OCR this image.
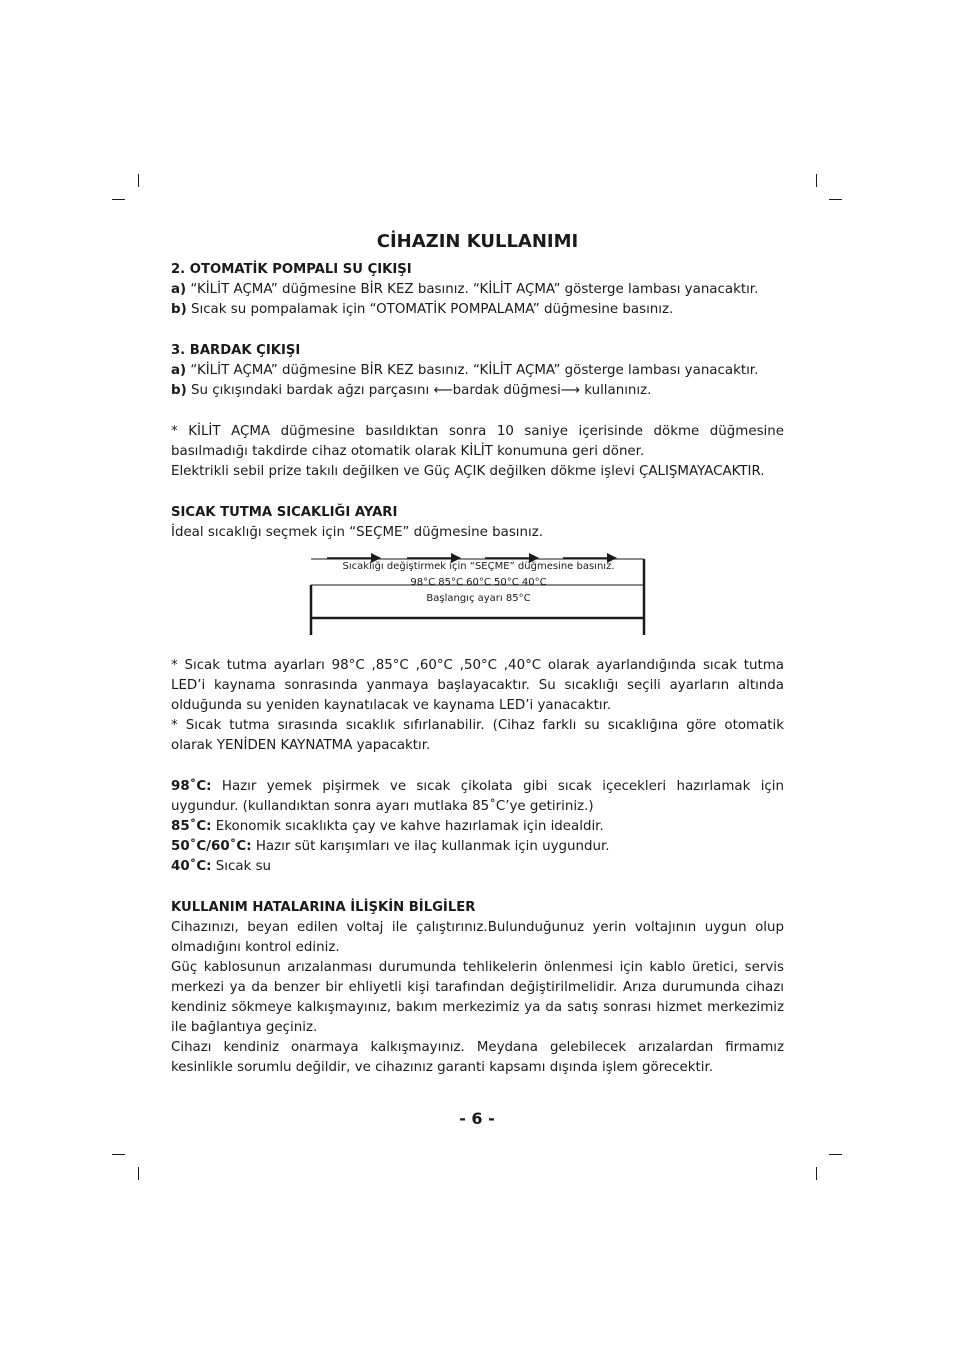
CİHAZIN KULLANIMI

2. OTOMATİK POMPALI SU ÇIKIŞI

a) “KİLİT AÇMA” düğmesine BİR KEZ basınız. “KİLİT AÇMA” gösterge lambası yanacaktır.

b) Sıcak su pompalamak için “OTOMATİK POMPALAMA” düğmesine basınız.

3. BARDAK ÇIKIŞI

a) “KİLİT AÇMA” düğmesine BİR KEZ basınız. “KİLİT AÇMA” gösterge lambası yanacaktır.

b) Su çıkışındaki bardak ağzı parçasını ⟵bardak düğmesi⟶ kullanınız.

* KİLİT AÇMA düğmesine basıldıktan sonra 10 saniye içerisinde dökme düğmesine basılmadığı takdirde cihaz otomatik olarak KİLİT konumuna geri döner.

Elektrikli sebil prize takılı değilken ve Güç AÇIK değilken dökme işlevi ÇALIŞMAYACAKTIR.

SICAK TUTMA SICAKLIĞI AYARI

İdeal sıcaklığı seçmek için “SEÇME” düğmesine basınız.

Sıcaklığı değiştirmek için “SEÇME” düğmesine basınız.
98°C 85°C 60°C 50°C 40°C
Başlangıç ayarı 85°C

* Sıcak tutma ayarları 98°C ,85°C ,60°C ,50°C ,40°C olarak ayarlandığında sıcak tutma LED’i kaynama sonrasında yanmaya başlayacaktır. Su sıcaklığı seçili ayarların altında olduğunda su yeniden kaynatılacak ve kaynama LED’i yanacaktır.

* Sıcak tutma sırasında sıcaklık sıfırlanabilir. (Cihaz farklı su sıcaklığına göre otomatik olarak YENİDEN KAYNATMA yapacaktır.

98˚C: Hazır yemek pişirmek ve sıcak çikolata gibi sıcak içecekleri hazırlamak için uygundur. (kullandıktan sonra ayarı mutlaka 85˚C’ye getiriniz.)

85˚C: Ekonomik sıcaklıkta çay ve kahve hazırlamak için idealdir.

50˚C/60˚C: Hazır süt karışımları ve ilaç kullanmak için uygundur.

40˚C: Sıcak su

KULLANIM HATALARINA İLİŞKİN BİLGİLER

Cihazınızı, beyan edilen voltaj ile çalıştırınız.Bulunduğunuz yerin voltajının uygun olup olmadığını kontrol ediniz.

Güç kablosunun arızalanması durumunda tehlikelerin önlenmesi için kablo üretici, servis merkezi ya da benzer bir ehliyetli kişi tarafından değiştirilmelidir. Arıza durumunda cihazı kendiniz sökmeye kalkışmayınız, bakım merkezimiz ya da satış sonrası hizmet merkezimiz ile bağlantıya geçiniz.

Cihazı kendiniz onarmaya kalkışmayınız. Meydana gelebilecek arızalardan firmamız kesinlikle sorumlu değildir, ve cihazınız garanti kapsamı dışında işlem görecektir.

- 6 -
